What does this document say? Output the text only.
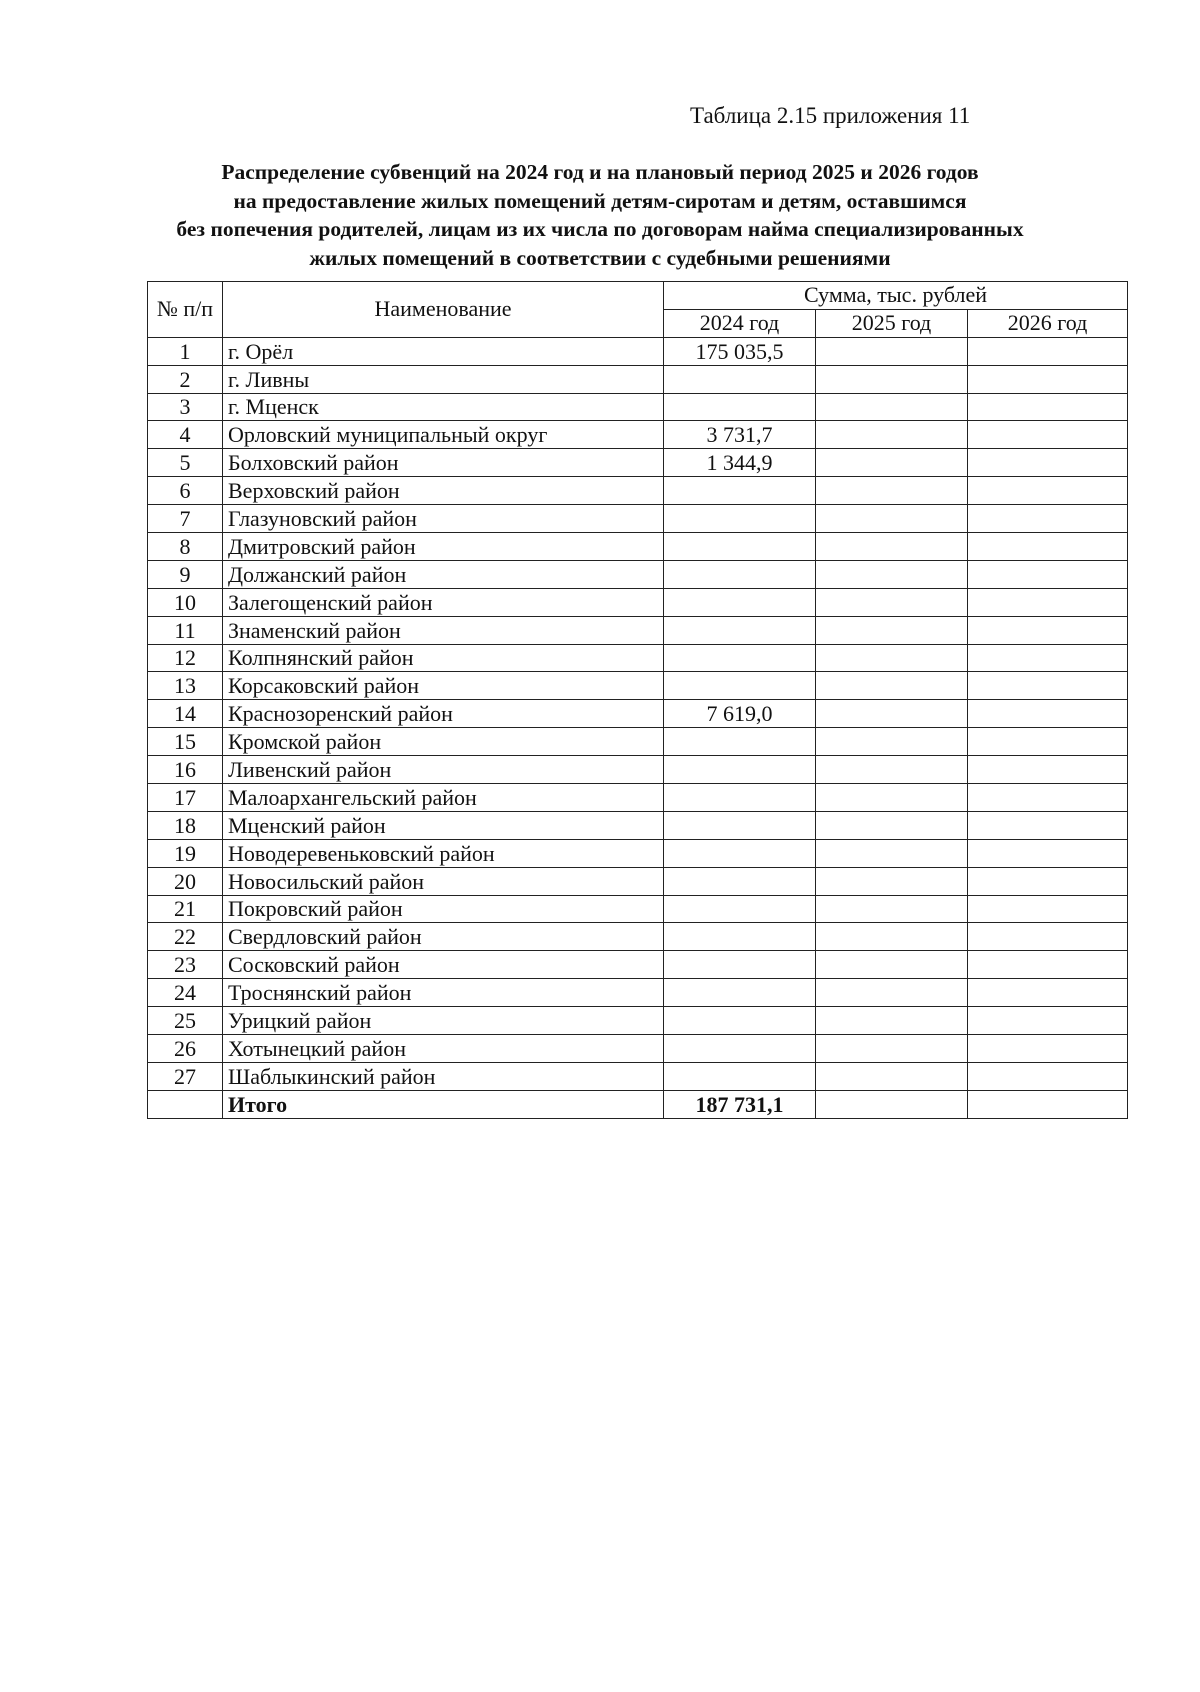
Таблица 2.15 приложения 11
Распределение субвенций на 2024 год и на плановый период 2025 и 2026 годов
на предоставление жилых помещений детям-сиротам и детям, оставшимся
без попечения родителей, лицам из их числа по договорам найма специализированных
жилых помещений в соответствии с судебными решениями
№ п/п	Наименование	Сумма, тыс. рублей		
		2024 год	2025 год	2026 год
1	г. Орёл	175 035,5		
2	г. Ливны			
3	г. Мценск			
4	Орловский муниципальный округ	3 731,7		
5	Болховский район	1 344,9		
6	Верховский район			
7	Глазуновский район			
8	Дмитровский район			
9	Должанский район			
10	Залегощенский район			
11	Знаменский район			
12	Колпнянский район			
13	Корсаковский район			
14	Краснозоренский район	7 619,0		
15	Кромской район			
16	Ливенский район			
17	Малоархангельский район			
18	Мценский район			
19	Новодеревеньковский район			
20	Новосильский район			
21	Покровский район			
22	Свердловский район			
23	Сосковский район			
24	Троснянский район			
25	Урицкий район			
26	Хотынецкий район			
27	Шаблыкинский район			
	Итого	187 731,1		
